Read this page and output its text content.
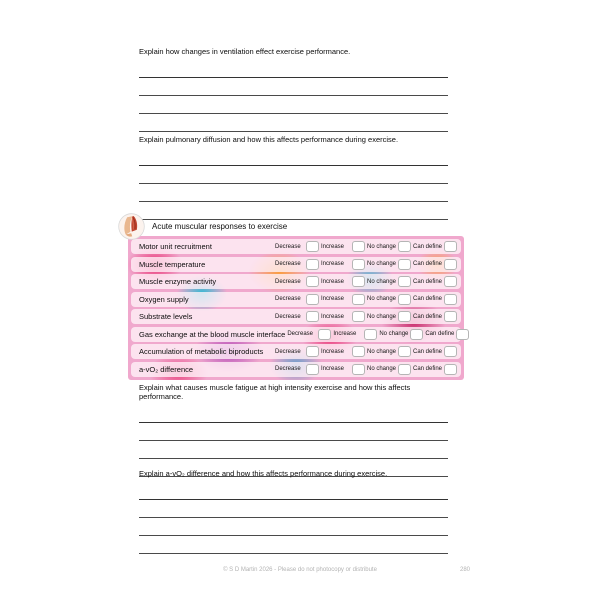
Explain how changes in ventilation effect exercise performance.
Explain pulmonary diffusion and how this affects performance during exercise.
Acute muscular responses to exercise
Motor unit recruitment	Decrease	Increase	No change	Can define
Muscle temperature	Decrease	Increase	No change	Can define
Muscle enzyme activity	Decrease	Increase	No change	Can define
Oxygen supply	Decrease	Increase	No change	Can define
Substrate levels	Decrease	Increase	No change	Can define
Gas exchange at the blood muscle interface Decrease	Increase	No change	Can define
Accumulation of metabolic biproducts	Decrease	Increase	No change	Can define
a-vO₂ difference	Decrease	Increase	No change	Can define
Explain what causes muscle fatigue at high intensity exercise and how this affects performance.
Explain a-vO₂ difference and how this affects performance during exercise.
© S D Martin 2026 - Please do not photocopy or distribute	280
